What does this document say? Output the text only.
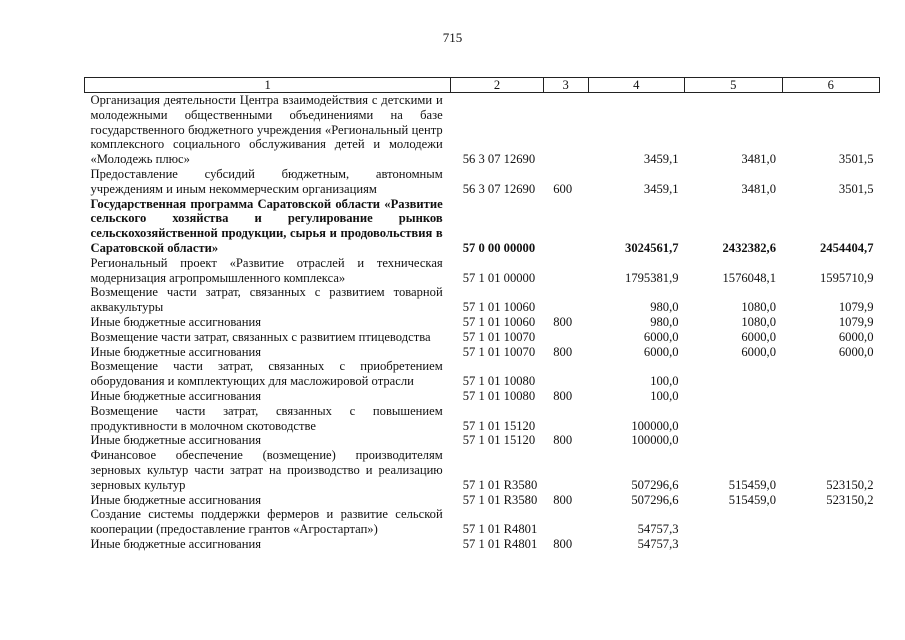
715
1	2	3	4	5	6
Организация деятельности Центра взаимодействия с детскими и молодежными общественными объединениями на базе государственного бюджетного учреждения «Региональный центр комплексного социального обслуживания детей и молодежи «Молодежь плюс»	56 3 07 12690		3459,1	3481,0	3501,5
Предоставление субсидий бюджетным, автономным учреждениям и иным некоммерческим организациям	56 3 07 12690	600	3459,1	3481,0	3501,5
Государственная программа Саратовской области «Развитие сельского хозяйства и регулирование рынков сельскохозяйственной продукции, сырья и продовольствия в Саратовской области»	57 0 00 00000		3024561,7	2432382,6	2454404,7
Региональный проект «Развитие отраслей и техническая модернизация агропромышленного комплекса»	57 1 01 00000		1795381,9	1576048,1	1595710,9
Возмещение части затрат, связанных с развитием товарной аквакультуры	57 1 01 10060		980,0	1080,0	1079,9
Иные бюджетные ассигнования	57 1 01 10060	800	980,0	1080,0	1079,9
Возмещение части затрат, связанных с развитием птицеводства	57 1 01 10070		6000,0	6000,0	6000,0
Иные бюджетные ассигнования	57 1 01 10070	800	6000,0	6000,0	6000,0
Возмещение части затрат, связанных с приобретением оборудования и комплектующих для масложировой отрасли	57 1 01 10080		100,0		
Иные бюджетные ассигнования	57 1 01 10080	800	100,0		
Возмещение части затрат, связанных с повышением продуктивности в молочном скотоводстве	57 1 01 15120		100000,0		
Иные бюджетные ассигнования	57 1 01 15120	800	100000,0		
Финансовое обеспечение (возмещение) производителям зерновых культур части затрат на производство и реализацию зерновых культур	57 1 01 R3580		507296,6	515459,0	523150,2
Иные бюджетные ассигнования	57 1 01 R3580	800	507296,6	515459,0	523150,2
Создание системы поддержки фермеров и развитие сельской кооперации (предоставление грантов «Агростартап»)	57 1 01 R4801		54757,3		
Иные бюджетные ассигнования	57 1 01 R4801	800	54757,3		
